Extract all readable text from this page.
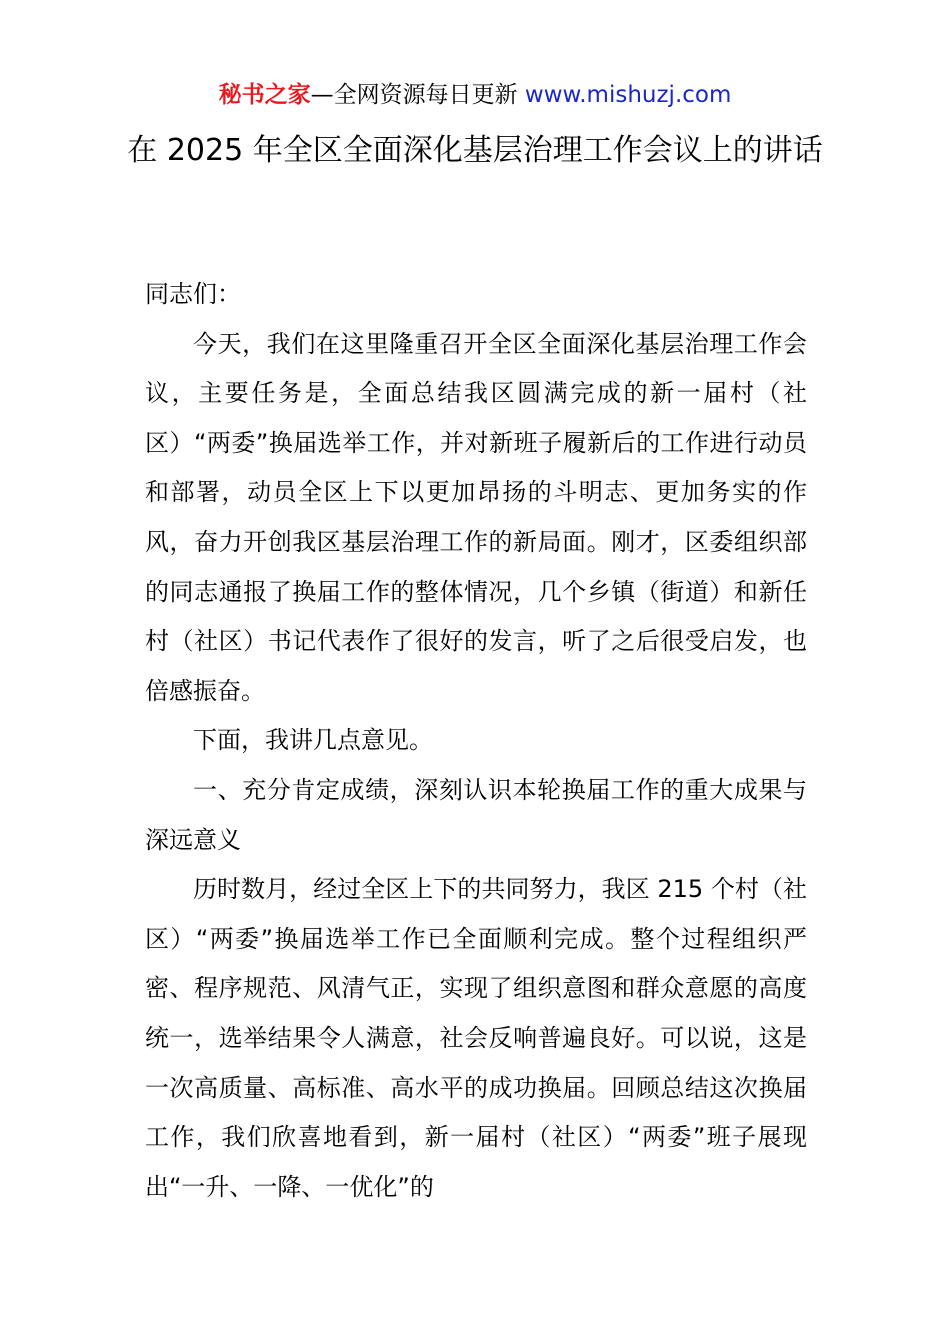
秘书之家—全网资源每日更新 www.mishuzj.com
在 2025 年全区全面深化基层治理工作会议上的讲话

同志们：

今天，我们在这里隆重召开全区全面深化基层治理工作会议，主要任务是，全面总结我区圆满完成的新一届村（社区）“两委”换届选举工作，并对新班子履新后的工作进行动员和部署，动员全区上下以更加昂扬的斗明志、更加务实的作风，奋力开创我区基层治理工作的新局面。刚才，区委组织部的同志通报了换届工作的整体情况，几个乡镇（街道）和新任村（社区）书记代表作了很好的发言，听了之后很受启发，也倍感振奋。

下面，我讲几点意见。

一、充分肯定成绩，深刻认识本轮换届工作的重大成果与深远意义

历时数月，经过全区上下的共同努力，我区 215 个村（社区）“两委”换届选举工作已全面顺利完成。整个过程组织严密、程序规范、风清气正，实现了组织意图和群众意愿的高度统一，选举结果令人满意，社会反响普遍良好。可以说，这是一次高质量、高标准、高水平的成功换届。回顾总结这次换届工作，我们欣喜地看到，新一届村（社区）“两委”班子展现出“一升、一降、一优化”的
